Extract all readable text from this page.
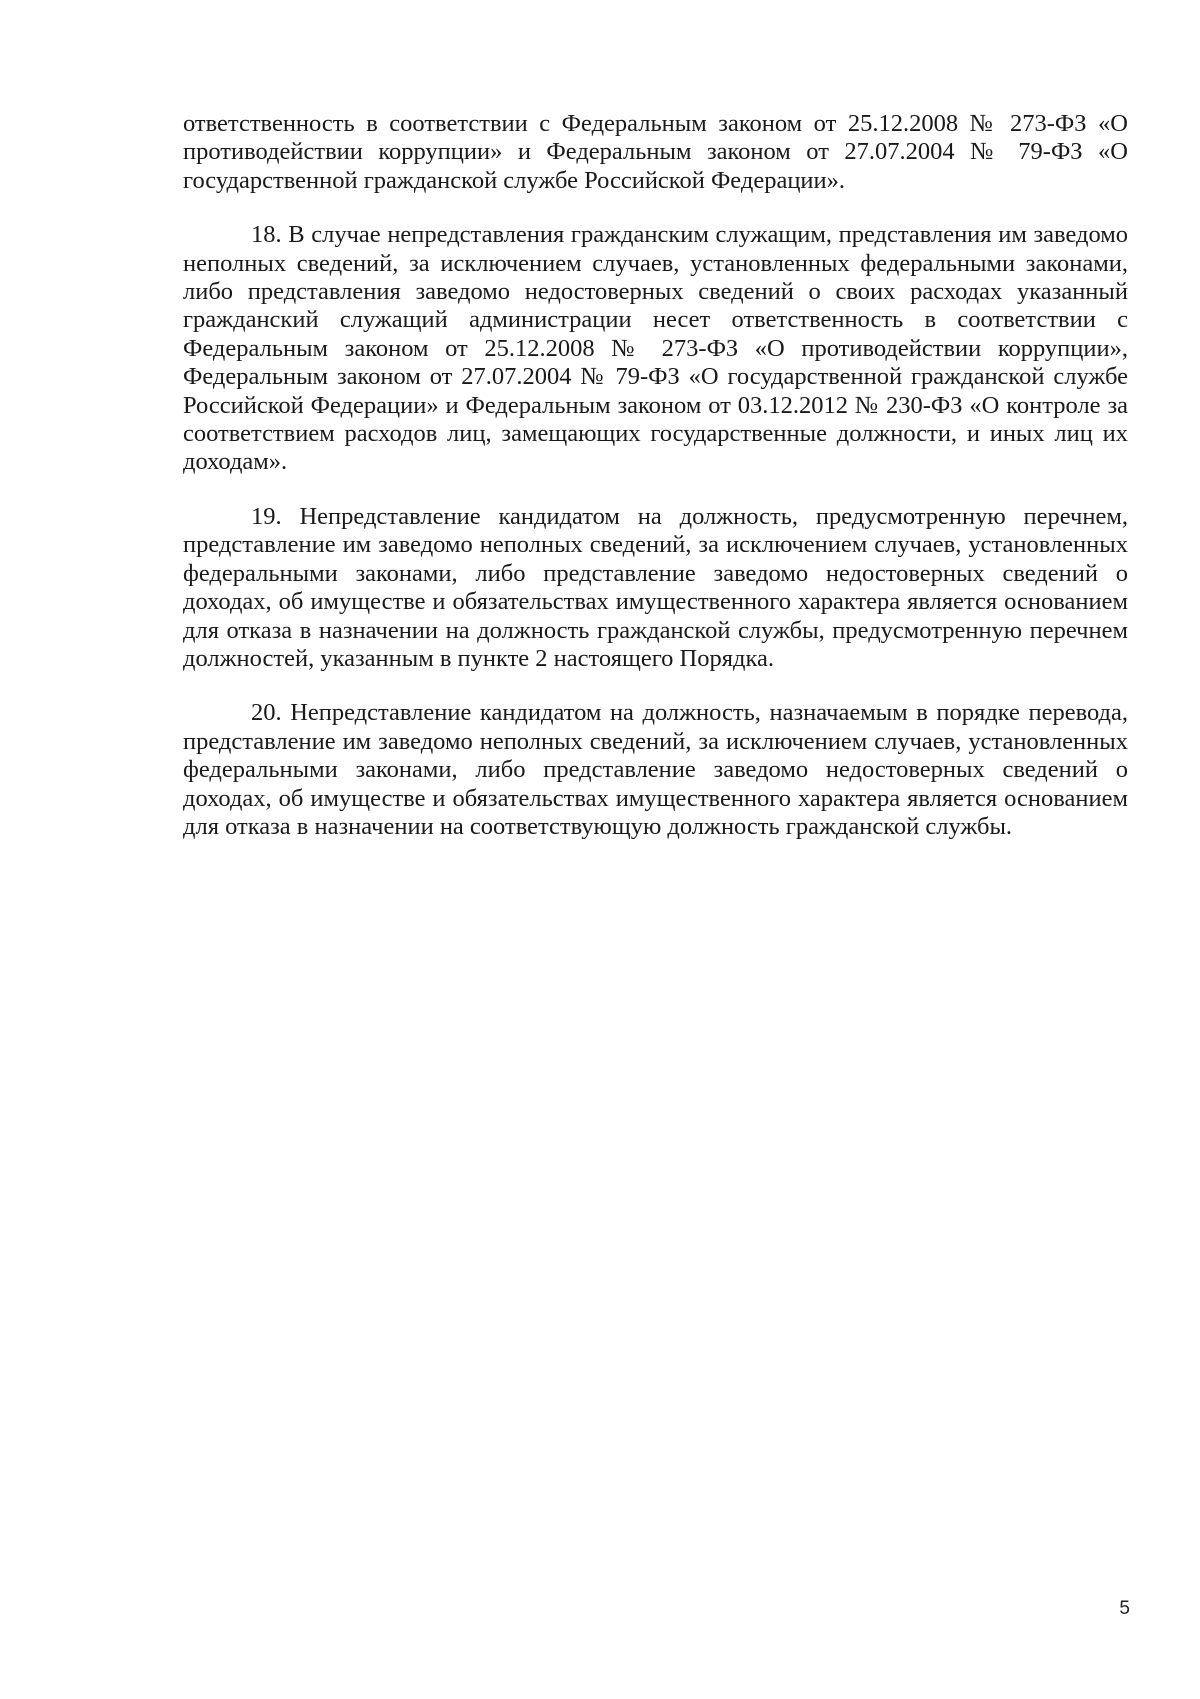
ответственность в соответствии с Федеральным законом от 25.12.2008 № 273-ФЗ «О противодействии коррупции» и Федеральным законом от 27.07.2004 № 79-ФЗ «О государственной гражданской службе Российской Федерации».

18. В случае непредставления гражданским служащим, представления им заведомо неполных сведений, за исключением случаев, установленных федеральными законами, либо представления заведомо недостоверных сведений о своих расходах указанный гражданский служащий администрации несет ответственность в соответствии с Федеральным законом от 25.12.2008 № 273-ФЗ «О противодействии коррупции», Федеральным законом от 27.07.2004 № 79-ФЗ «О государственной гражданской службе Российской Федерации» и Федеральным законом от 03.12.2012 № 230-ФЗ «О контроле за соответствием расходов лиц, замещающих государственные должности, и иных лиц их доходам».

19. Непредставление кандидатом на должность, предусмотренную перечнем, представление им заведомо неполных сведений, за исключением случаев, установленных федеральными законами, либо представление заведомо недостоверных сведений о доходах, об имуществе и обязательствах имущественного характера является основанием для отказа в назначении на должность гражданской службы, предусмотренную перечнем должностей, указанным в пункте 2 настоящего Порядка.

20. Непредставление кандидатом на должность, назначаемым в порядке перевода, представление им заведомо неполных сведений, за исключением случаев, установленных федеральными законами, либо представление заведомо недостоверных сведений о доходах, об имуществе и обязательствах имущественного характера является основанием для отказа в назначении на соответствующую должность гражданской службы.

5
